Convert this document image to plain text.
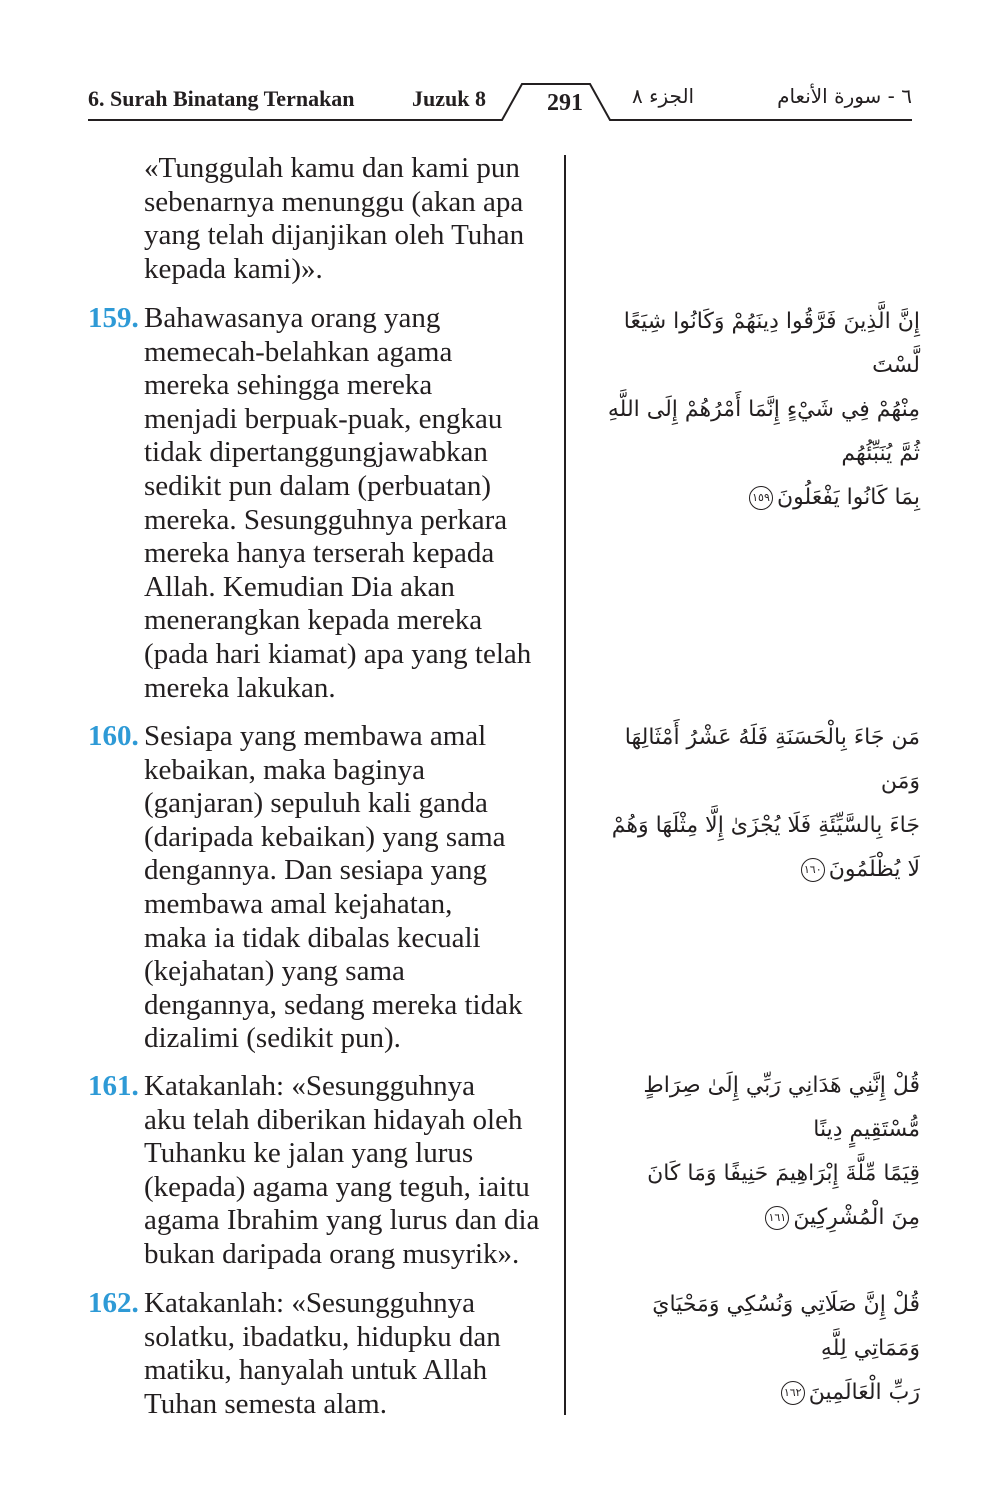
6. Surah Binatang Ternakan	Juzuk 8	291	الجزء ٨	٦ - سورة الأنعام
«Tunggulah kamu dan kami pun
sebenarnya menunggu (akan apa
yang telah dijanjikan oleh Tuhan
kepada kami)».
159. Bahawasanya orang yang
memecah-belahkan agama
mereka sehingga mereka
menjadi berpuak-puak, engkau
tidak dipertanggungjawabkan
sedikit pun dalam (perbuatan)
mereka. Sesungguhnya perkara
mereka hanya terserah kepada
Allah. Kemudian Dia akan
menerangkan kepada mereka
(pada hari kiamat) apa yang telah
mereka lakukan.
إِنَّ الَّذِينَ فَرَّقُوا دِينَهُمْ وَكَانُوا شِيَعًا لَّسْتَ
مِنْهُمْ فِي شَيْءٍ إِنَّمَا أَمْرُهُمْ إِلَى اللَّهِ ثُمَّ يُنَبِّئُهُم
بِمَا كَانُوا يَفْعَلُونَ١٥٩
160. Sesiapa yang membawa amal
kebaikan, maka baginya
(ganjaran) sepuluh kali ganda
(daripada kebaikan) yang sama
dengannya. Dan sesiapa yang
membawa amal kejahatan,
maka ia tidak dibalas kecuali
(kejahatan) yang sama
dengannya, sedang mereka tidak
dizalimi (sedikit pun).
مَن جَاءَ بِالْحَسَنَةِ فَلَهُ عَشْرُ أَمْثَالِهَا وَمَن
جَاءَ بِالسَّيِّئَةِ فَلَا يُجْزَىٰ إِلَّا مِثْلَهَا وَهُمْ
لَا يُظْلَمُونَ١٦٠
161. Katakanlah: «Sesungguhnya
aku telah diberikan hidayah oleh
Tuhanku ke jalan yang lurus
(kepada) agama yang teguh, iaitu
agama Ibrahim yang lurus dan dia
bukan daripada orang musyrik».
قُلْ إِنَّنِي هَدَانِي رَبِّي إِلَىٰ صِرَاطٍ مُّسْتَقِيمٍ دِينًا
قِيَمًا مِّلَّةَ إِبْرَاهِيمَ حَنِيفًا وَمَا كَانَ
مِنَ الْمُشْرِكِينَ١٦١
162. Katakanlah: «Sesungguhnya
solatku, ibadatku, hidupku dan
matiku, hanyalah untuk Allah
Tuhan semesta alam.
قُلْ إِنَّ صَلَاتِي وَنُسُكِي وَمَحْيَايَ وَمَمَاتِي لِلَّهِ
رَبِّ الْعَالَمِينَ١٦٢
